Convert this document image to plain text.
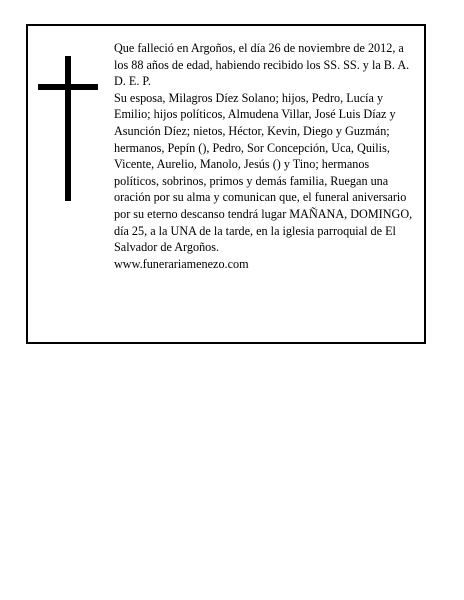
Que falleció en Argoños, el día 26 de noviembre de 2012, a los 88 años de edad, habiendo recibido los SS. SS. y la B. A.

D. E. P.

Su esposa, Milagros Díez Solano; hijos, Pedro, Lucía y Emilio; hijos políticos, Almudena Villar, José Luis Díaz y Asunción Díez; nietos, Héctor, Kevin, Diego y Guzmán; hermanos, Pepín (), Pedro, Sor Concepción, Uca, Quilis, Vicente, Aurelio, Manolo, Jesús () y Tino; hermanos políticos, sobrinos, primos y demás familia, Ruegan una oración por su alma y comunican que, el funeral aniversario por su eterno descanso tendrá lugar MAÑANA, DOMINGO, día 25, a la UNA de la tarde, en la iglesia parroquial de El Salvador de Argoños.

www.funerariamenezo.com
